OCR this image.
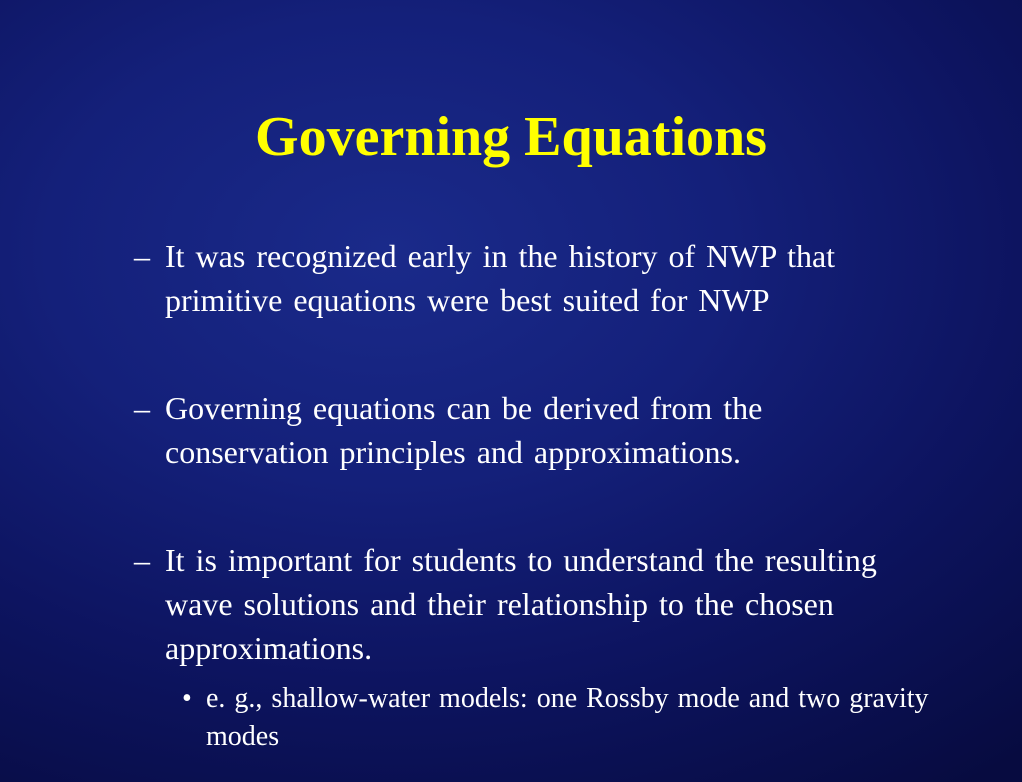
Governing Equations
– It was recognized early in the history of NWP that primitive equations were best suited for NWP
– Governing equations can be derived from the conservation principles and approximations.
– It is important for students to understand the resulting wave solutions and their relationship to the chosen approximations.
• e. g., shallow-water models: one Rossby mode and two gravity modes
